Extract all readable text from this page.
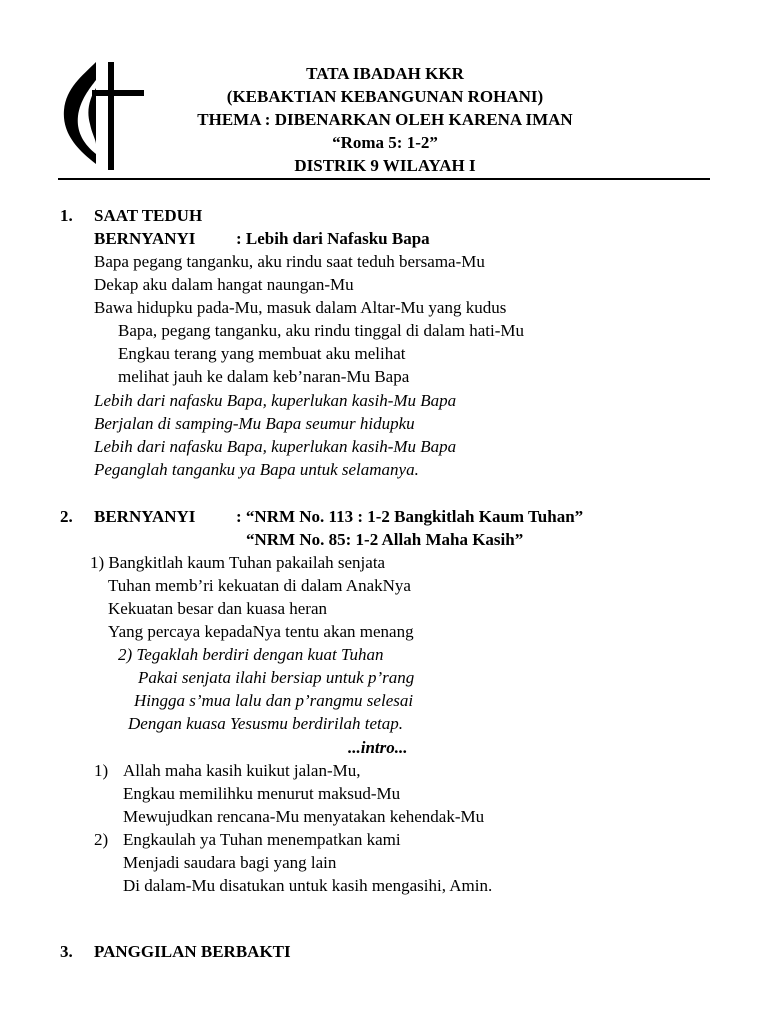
TATA IBADAH KKR
(KEBAKTIAN KEBANGUNAN ROHANI)
THEMA : DIBENARKAN OLEH KARENA IMAN
“Roma 5: 1-2”
DISTRIK 9 WILAYAH I
1. SAAT TEDUH
BERNYANYI : Lebih dari Nafasku Bapa
Bapa pegang tanganku, aku rindu saat teduh bersama-Mu
Dekap aku dalam hangat naungan-Mu
Bawa hidupku pada-Mu, masuk dalam Altar-Mu yang kudus
Bapa, pegang tanganku, aku rindu tinggal di dalam hati-Mu
Engkau terang yang membuat aku melihat
melihat jauh ke dalam keb’naran-Mu Bapa
Lebih dari nafasku Bapa, kuperlukan kasih-Mu Bapa
Berjalan di samping-Mu Bapa seumur hidupku
Lebih dari nafasku Bapa, kuperlukan kasih-Mu Bapa
Peganglah tanganku ya Bapa untuk selamanya.
2. BERNYANYI : “NRM No. 113 : 1-2 Bangkitlah Kaum Tuhan”
“NRM No. 85: 1-2 Allah Maha Kasih”
1) Bangkitlah kaum Tuhan pakailah senjata
Tuhan memb’ri kekuatan di dalam AnakNya
Kekuatan besar dan kuasa heran
Yang percaya kepadaNya tentu akan menang
2) Tegaklah berdiri dengan kuat Tuhan
Pakai senjata ilahi bersiap untuk p’rang
Hingga s’mua lalu dan p’rangmu selesai
Dengan kuasa Yesusmu berdirilah tetap.
...intro...
1) Allah maha kasih kuikut jalan-Mu,
Engkau memilihku menurut maksud-Mu
Mewujudkan rencana-Mu menyatakan kehendak-Mu
2) Engkaulah ya Tuhan menempatkan kami
Menjadi saudara bagi yang lain
Di dalam-Mu disatukan untuk kasih mengasihi, Amin.
3. PANGGILAN BERBAKTI
